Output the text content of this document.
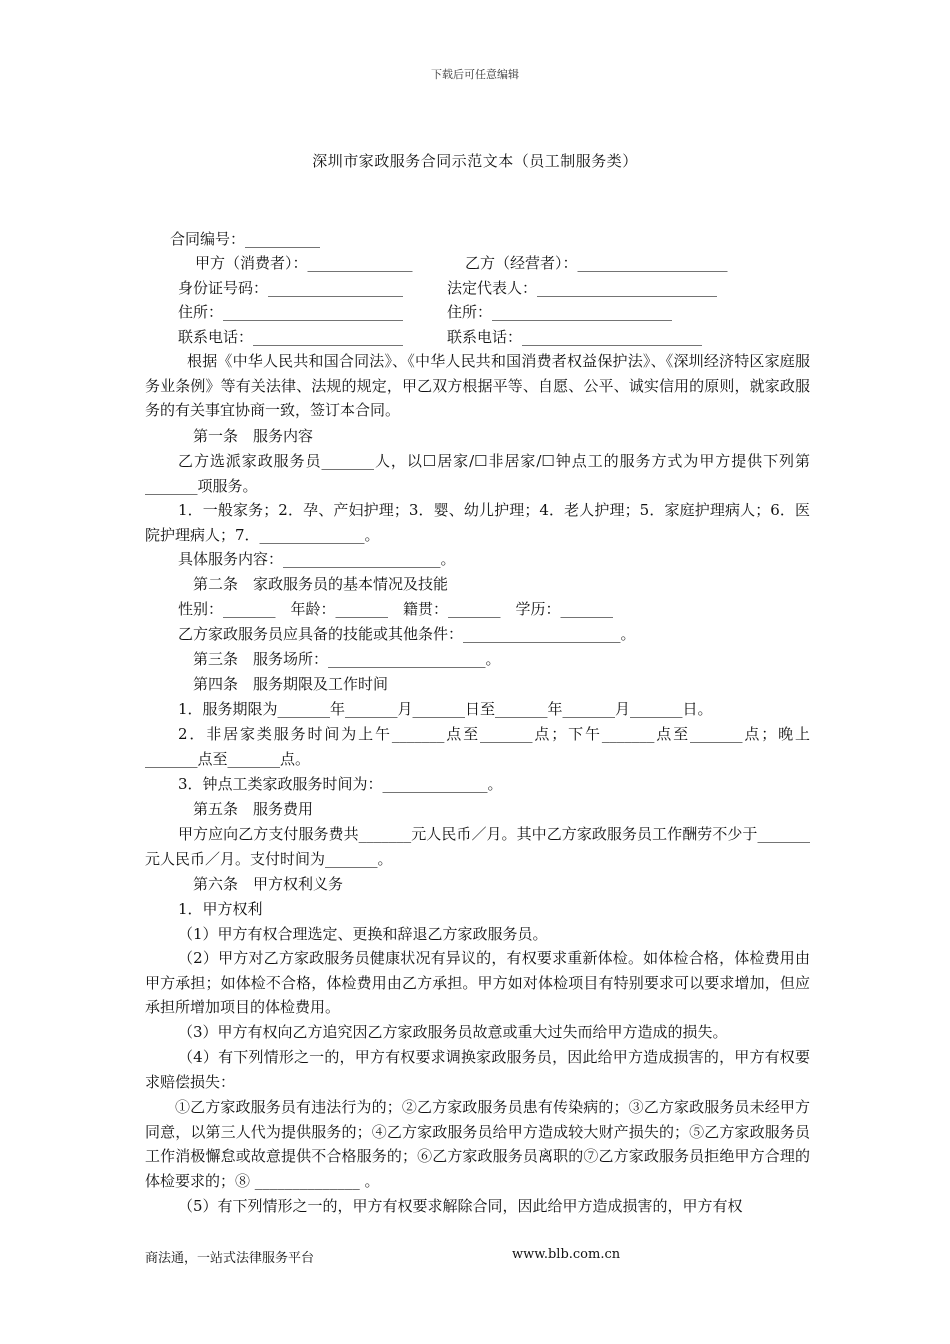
下载后可任意编辑
深圳市家政服务合同示范文本（员工制服务类）
合同编号：__________
甲方（消费者）：______________	乙方（经营者）：____________________
身份证号码：__________________	法定代表人：________________________
住所：________________________	住所：________________________
联系电话：____________________	联系电话：________________________
根据《中华人民共和国合同法》、《中华人民共和国消费者权益保护法》、《深圳经济特区家庭服务业条例》等有关法律、法规的规定，甲乙双方根据平等、自愿、公平、诚实信用的原则，就家政服务的有关事宜协商一致，签订本合同。
第一条　服务内容
乙方选派家政服务员_______人，以☐居家/☐非居家/☐钟点工的服务方式为甲方提供下列第_______项服务。
1．一般家务；2．孕、产妇护理；3．婴、幼儿护理；4．老人护理；5．家庭护理病人；6．医院护理病人；7．______________。
具体服务内容：_____________________。
第二条　家政服务员的基本情况及技能
性别：_______　年龄：_______　籍贯：_______　学历：_______
乙方家政服务员应具备的技能或其他条件：_____________________。
第三条　服务场所：_____________________。
第四条　服务期限及工作时间
1．服务期限为_______年_______月_______日至_______年_______月_______日。
2．非居家类服务时间为上午_______点至_______点；下午_______点至_______点；晚上_______点至_______点。
3．钟点工类家政服务时间为：______________。
第五条　服务费用
甲方应向乙方支付服务费共_______元人民币／月。其中乙方家政服务员工作酬劳不少于_______元人民币／月。支付时间为_______。
第六条　甲方权利义务
1．甲方权利
（1）甲方有权合理选定、更换和辞退乙方家政服务员。
（2）甲方对乙方家政服务员健康状况有异议的，有权要求重新体检。如体检合格，体检费用由甲方承担；如体检不合格，体检费用由乙方承担。甲方如对体检项目有特别要求可以要求增加，但应承担所增加项目的体检费用。
（3）甲方有权向乙方追究因乙方家政服务员故意或重大过失而给甲方造成的损失。
（4）有下列情形之一的，甲方有权要求调换家政服务员，因此给甲方造成损害的，甲方有权要求赔偿损失：
①乙方家政服务员有违法行为的；②乙方家政服务员患有传染病的；③乙方家政服务员未经甲方同意，以第三人代为提供服务的；④乙方家政服务员给甲方造成较大财产损失的；⑤乙方家政服务员工作消极懈怠或故意提供不合格服务的；⑥乙方家政服务员离职的⑦乙方家政服务员拒绝甲方合理的体检要求的；⑧ ______________ 。
（5）有下列情形之一的，甲方有权要求解除合同，因此给甲方造成损害的，甲方有权
商法通，一站式法律服务平台	www.blb.com.cn
